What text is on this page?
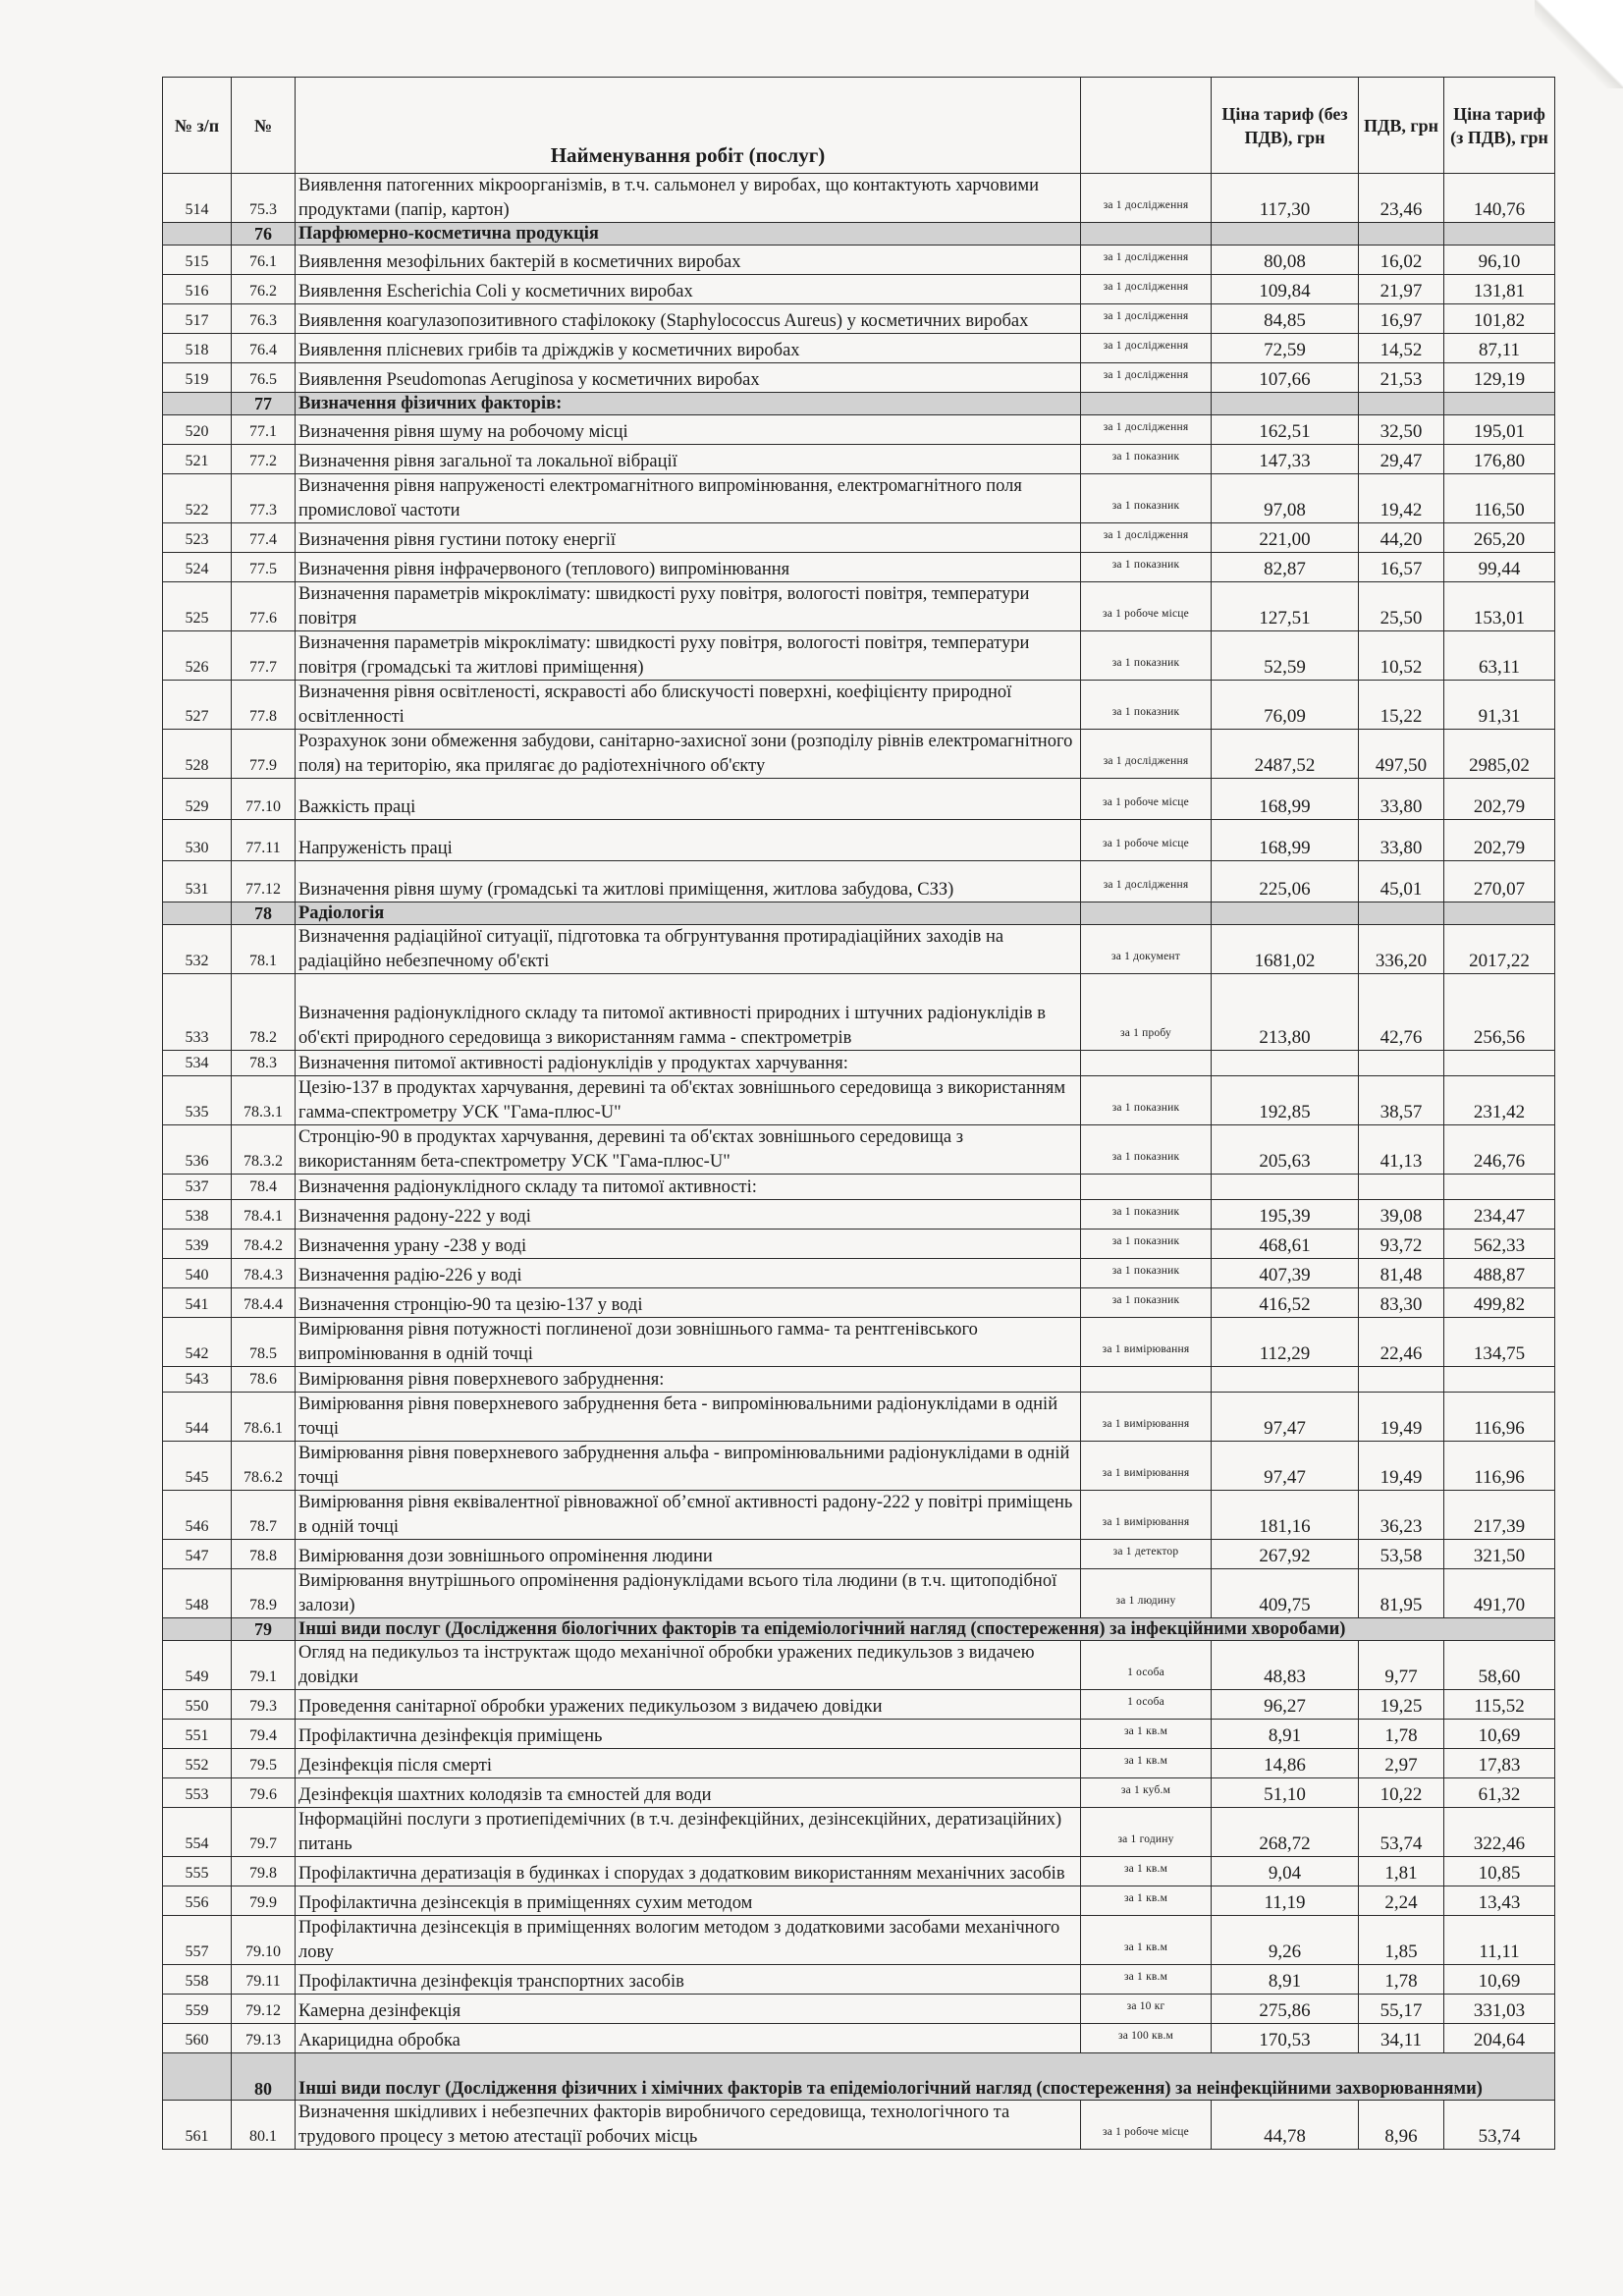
№ з/п	№	Найменування робіт (послуг)		Ціна тариф (без ПДВ), грн	ПДВ, грн	Ціна тариф (з ПДВ), грн
514	75.3	Виявлення патогенних мікроорганізмів, в т.ч. сальмонел у виробах, що контактують харчовими продуктами (папір, картон)	за 1 дослідження	117,30	23,46	140,76
	76	Парфюмерно-косметична продукція				
515	76.1	Виявлення мезофільних бактерій в косметичних виробах	за 1 дослідження	80,08	16,02	96,10
516	76.2	Виявлення Escherichia Coli у косметичних виробах	за 1 дослідження	109,84	21,97	131,81
517	76.3	Виявлення коагулазопозитивного стафілококу (Staphylococcus Aureus) у косметичних виробах	за 1 дослідження	84,85	16,97	101,82
518	76.4	Виявлення плісневих грибів та дріжджів у косметичних виробах	за 1 дослідження	72,59	14,52	87,11
519	76.5	Виявлення Pseudomonas Aeruginosa у косметичних виробах	за 1 дослідження	107,66	21,53	129,19
	77	Визначення фізичних факторів:				
520	77.1	Визначення рівня шуму на робочому місці	за 1 дослідження	162,51	32,50	195,01
521	77.2	Визначення рівня загальної та локальної вібрації	за 1 показник	147,33	29,47	176,80
522	77.3	Визначення рівня напруженості електромагнітного випромінювання, електромагнітного поля промислової частоти	за 1 показник	97,08	19,42	116,50
523	77.4	Визначення рівня густини потоку енергії	за 1 дослідження	221,00	44,20	265,20
524	77.5	Визначення рівня інфрачервоного (теплового) випромінювання	за 1 показник	82,87	16,57	99,44
525	77.6	Визначення параметрів мікроклімату: швидкості руху повітря, вологості повітря, температури повітря	за 1 робоче місце	127,51	25,50	153,01
526	77.7	Визначення параметрів мікроклімату: швидкості руху повітря, вологості повітря, температури повітря (громадські та житлові приміщення)	за 1 показник	52,59	10,52	63,11
527	77.8	Визначення рівня освітленості, яскравості або блискучості поверхні, коефіцієнту природної освітленності	за 1 показник	76,09	15,22	91,31
528	77.9	Розрахунок зони обмеження забудови, санітарно-захисної зони (розподілу рівнів електромагнітного поля) на територію, яка прилягає до радіотехнічного об'єкту	за 1 дослідження	2487,52	497,50	2985,02
529	77.10	Важкість праці	за 1 робоче місце	168,99	33,80	202,79
530	77.11	Напруженість праці	за 1 робоче місце	168,99	33,80	202,79
531	77.12	Визначення рівня шуму (громадські та житлові приміщення, житлова забудова, СЗЗ)	за 1 дослідження	225,06	45,01	270,07
	78	Радіологія				
532	78.1	Визначення радіаційної ситуації, підготовка та обгрунтування протирадіаційних заходів на радіаційно небезпечному об'єкті	за 1 документ	1681,02	336,20	2017,22
533	78.2	Визначення радіонуклідного складу та питомої активності природних і штучних радіонуклідів в об'єкті природного середовища з використанням гамма - спектрометрів	за 1 пробу	213,80	42,76	256,56
534	78.3	Визначення питомої активності радіонуклідів у продуктах харчування:				
535	78.3.1	Цезію-137 в продуктах харчування, деревині та об'єктах зовнішнього середовища з використанням гамма-спектрометру УСК "Гама-плюс-U"	за 1 показник	192,85	38,57	231,42
536	78.3.2	Стронцію-90 в продуктах харчування, деревині та об'єктах зовнішнього середовища з використанням бета-спектрометру УСК "Гама-плюс-U"	за 1 показник	205,63	41,13	246,76
537	78.4	Визначення радіонуклідного складу та питомої активності:				
538	78.4.1	Визначення радону-222 у воді	за 1 показник	195,39	39,08	234,47
539	78.4.2	Визначення урану -238 у воді	за 1 показник	468,61	93,72	562,33
540	78.4.3	Визначення радію-226 у воді	за 1 показник	407,39	81,48	488,87
541	78.4.4	Визначення стронцію-90 та цезію-137 у воді	за 1 показник	416,52	83,30	499,82
542	78.5	Вимірювання рівня потужності поглиненої дози зовнішнього гамма- та рентгенівського випромінювання в одній точці	за 1 вимірювання	112,29	22,46	134,75
543	78.6	Вимірювання рівня поверхневого забруднення:				
544	78.6.1	Вимірювання рівня поверхневого забруднення бета - випромінювальними радіонуклідами в одній точці	за 1 вимірювання	97,47	19,49	116,96
545	78.6.2	Вимірювання рівня поверхневого забруднення альфа - випромінювальними радіонуклідами в одній точці	за 1 вимірювання	97,47	19,49	116,96
546	78.7	Вимірювання рівня еквівалентної рівноважної об’ємної активності радону-222 у повітрі приміщень в одній точці	за 1 вимірювання	181,16	36,23	217,39
547	78.8	Вимірювання дози зовнішнього опромінення людини	за 1 детектор	267,92	53,58	321,50
548	78.9	Вимірювання внутрішнього опромінення радіонуклідами всього тіла людини (в т.ч. щитоподібної залози)	за 1 людину	409,75	81,95	491,70
	79	Інші види послуг (Дослідження біологічних факторів та епідеміологічний нагляд (спостереження) за інфекційними хворобами)				
549	79.1	Огляд на педикульоз та інструктаж щодо механічної обробки уражених педикульзов з видачею довідки	1 особа	48,83	9,77	58,60
550	79.3	Проведення санітарної обробки уражених педикульозом з видачею довідки	1 особа	96,27	19,25	115,52
551	79.4	Профілактична дезінфекція приміщень	за 1 кв.м	8,91	1,78	10,69
552	79.5	Дезінфекція після смерті	за 1 кв.м	14,86	2,97	17,83
553	79.6	Дезінфекція шахтних колодязів та ємностей для води	за 1 куб.м	51,10	10,22	61,32
554	79.7	Інформаційні послуги з протиепідемічних (в т.ч. дезінфекційних, дезінсекційних, дератизаційних) питань	за 1 годину	268,72	53,74	322,46
555	79.8	Профілактична дератизація в будинках і спорудах з додатковим використанням механічних засобів	за 1 кв.м	9,04	1,81	10,85
556	79.9	Профілактична дезінсекція в приміщеннях сухим методом	за 1 кв.м	11,19	2,24	13,43
557	79.10	Профілактична дезінсекція в приміщеннях вологим методом з додатковими засобами механічного лову	за 1 кв.м	9,26	1,85	11,11
558	79.11	Профілактична дезінфекція транспортних засобів	за 1 кв.м	8,91	1,78	10,69
559	79.12	Камерна дезінфекція	за 10 кг	275,86	55,17	331,03
560	79.13	Акарицидна обробка	за 100 кв.м	170,53	34,11	204,64
	80	Інші види послуг (Дослідження фізичних і хімічних факторів та епідеміологічний нагляд (спостереження) за неінфекційними захворюваннями)				
561	80.1	Визначення шкідливих і небезпечних факторів виробничого середовища, технологічного та трудового процесу з метою атестації робочих місць	за 1 робоче місце	44,78	8,96	53,74
